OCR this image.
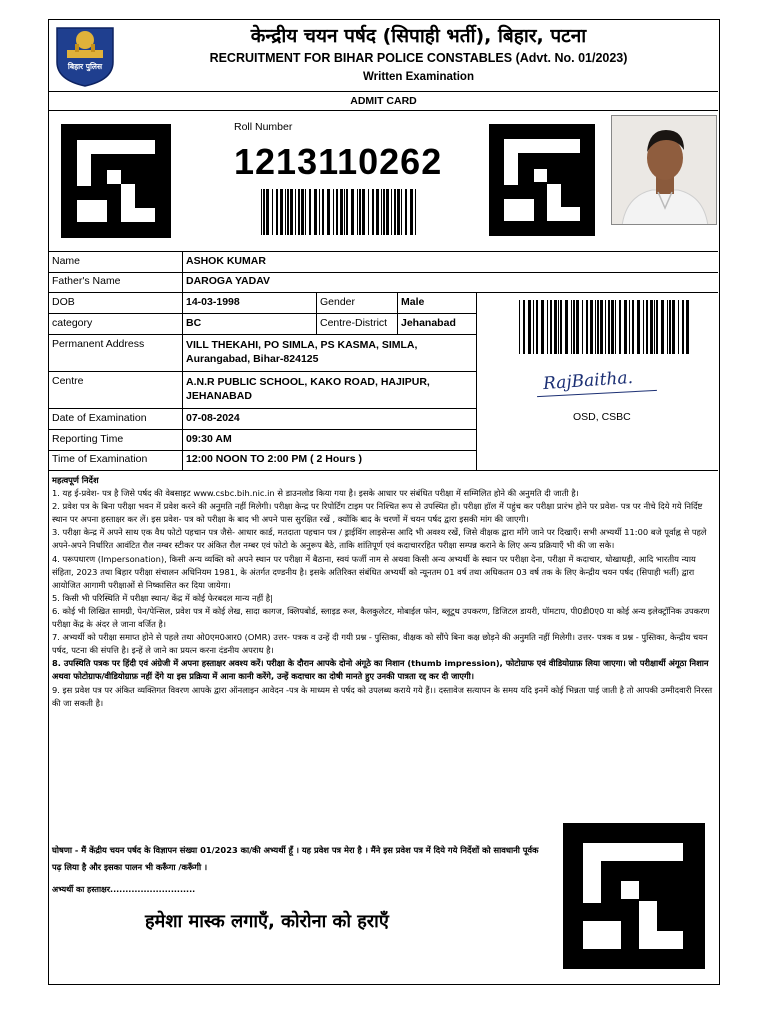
बिहार पुलिस
केन्द्रीय चयन पर्षद (सिपाही भर्ती), बिहार, पटना
RECRUITMENT FOR BIHAR POLICE CONSTABLES (Advt. No. 01/2023)
Written Examination
ADMIT CARD
Roll Number
1213110262
Name	ASHOK KUMAR
Father's Name	DAROGA YADAV
DOB	14-03-1998	Gender	Male
category	BC	Centre-District	Jehanabad
Permanent Address	VILL THEKAHI, PO SIMLA, PS KASMA, SIMLA, Aurangabad, Bihar-824125
Centre	A.N.R PUBLIC SCHOOL, KAKO ROAD, HAJIPUR, JEHANABAD
Date of Examination	07-08-2024
Reporting Time	09:30 AM
Time of Examination	12:00 NOON TO 2:00 PM ( 2 Hours )
RajBaitha.
OSD, CSBC

महत्वपूर्ण निर्देश

1. यह ई-प्रवेश- पत्र है जिसे पर्षद की वेबसाइट www.csbc.bih.nic.in से डाउनलोड किया गया है। इसके आधार पर संबंधित परीक्षा में सम्मिलित होने की अनुमति दी जाती है।

2. प्रवेश पत्र के बिना परीक्षा भवन में प्रवेश करने की अनुमति नहीं मिलेगी। परीक्षा केन्द्र पर रिपोर्टिंग टाइम पर निश्चित रूप से उपस्थित हों। परीक्षा हॉल में पहुंच कर परीक्षा प्रारंभ होने पर प्रवेश- पत्र पर नीचे दिये गये निर्दिष्ट स्थान पर अपना हस्ताक्षर कर लें। इस प्रवेश- पत्र को परीक्षा के बाद भी अपने पास सुरक्षित रखें , क्योंकि बाद के चरणों में चयन पर्षद द्वारा इसकी मांग की जाएगी।

3. परीक्षा केन्द्र में अपने साथ एक वैध फोटो पहचान पत्र जैसे- आधार कार्ड, मतदाता पहचान पत्र / ड्राईविंग लाइसेन्स आदि भी अवश्य रखें, जिसे वीक्षक द्वारा माँगे जाने पर दिखाएँ। सभी अभ्यर्थी 11:00 बजे पूर्वाह्न से पहले अपने-अपने निर्धारित आवंटित रौल नम्बर स्टीकर पर अंकित रौल नम्बर एवं फोटो के अनुरूप बैठे, ताकि शांतिपूर्ण एवं कदाचाररहित परीक्षा सम्पन्न कराने के लिए अन्य प्रक्रियाएँ भी की जा सके।

4. परूपधारण (Impersonation), किसी अन्य व्यक्ति को अपने स्थान पर परीक्षा में बैठाना, स्वयं फर्जी नाम से अथवा किसी अन्य अभ्यर्थी के स्थान पर परीक्षा देना, परीक्षा में कदाचार, धोखाधड़ी, आदि भारतीय न्याय संहिता, 2023 तथा बिहार परीक्षा संचालन अधिनियम 1981, के अंतर्गत दण्डनीय है। इसके अतिरिक्त संबंधित अभ्यर्थी को न्यूनतम 01 वर्ष तथा अधिकतम 03 वर्ष तक के लिए केन्द्रीय चयन पर्षद (सिपाही भर्ती) द्वारा आयोजित आगामी परीक्षाओं से निष्कासित कर दिया जायेगा।

5. किसी भी परिस्थिति में परीक्षा स्थान/ केंद्र में कोई फेरबदल मान्य नहीं है|

6. कोई भी लिखित सामग्री, पेन/पेन्सिल, प्रवेश पत्र में कोई लेख, सादा कागज, क्लिपबोर्ड, स्लाइड रूल, कैलकुलेटर, मोबाईल फोन, ब्लूटूथ उपकरण, डिजिटल डायरी, पॉमटाप, पी0डी0ए0 या कोई अन्य इलेक्ट्रॉनिक उपकरण परीक्षा केंद्र के अंदर ले जाना वर्जित है।

7. अभ्यर्थी को परीक्षा समाप्त होने से पहले तथा ओ0एम0आर0 (OMR) उत्तर- पत्रक व उन्हें दी गयी प्रश्न - पुस्तिका, वीक्षक को सौंपे बिना कक्ष छोड़ने की अनुमति नहीं मिलेगी। उत्तर- पत्रक व प्रश्न - पुस्तिका, केन्द्रीय चयन पर्षद, पटना की संपत्ति है। इन्हें ले जाने का प्रयत्न करना दंडनीय अपराध है।

8. उपस्थिति पत्रक पर हिंदी एवं अंग्रेजी में अपना हस्ताक्षर अवश्य करें। परीक्षा के दौरान आपके दोनो अंगूठे का निशान (thumb impression), फोटोग्राफ एवं वीडियोग्राफ़ लिया जाएगा। जो परीक्षार्थी अंगूठा निशान अथवा फोटोग्राफ/वीडियोग्राफ़ नहीं देंगे या इस प्रक्रिया में आना कानी करेंगे, उन्हें कदाचार का दोषी मानते हुए उनकी पात्रता रद्द कर दी जाएगी।

9. इस प्रवेश पत्र पर अंकित व्यक्तिगत विवरण आपके द्वारा ऑनलाइन आवेदन -पत्र के माध्यम से पर्षद को उपलब्ध कराये गये हैं।। दस्तावेज सत्यापन के समय यदि इनमें कोई भिन्नता पाई जाती है तो आपकी उम्मीदवारी निरस्त की जा सकती है।

घोषणा - मैं केंद्रीय चयन पर्षद के विज्ञापन संख्या 01/2023 का/की अभ्यर्थी हूँ । यह प्रवेश पत्र मेरा है । मैंने इस प्रवेश पत्र में दिये गये निर्देशों को सावधानी पूर्वक पढ़ लिया है और इसका पालन भी करूँगा /करूँगी ।
अभ्यर्थी का हस्ताक्षर............................
हमेशा मास्क लगाएँ, कोरोना को हराएँ
